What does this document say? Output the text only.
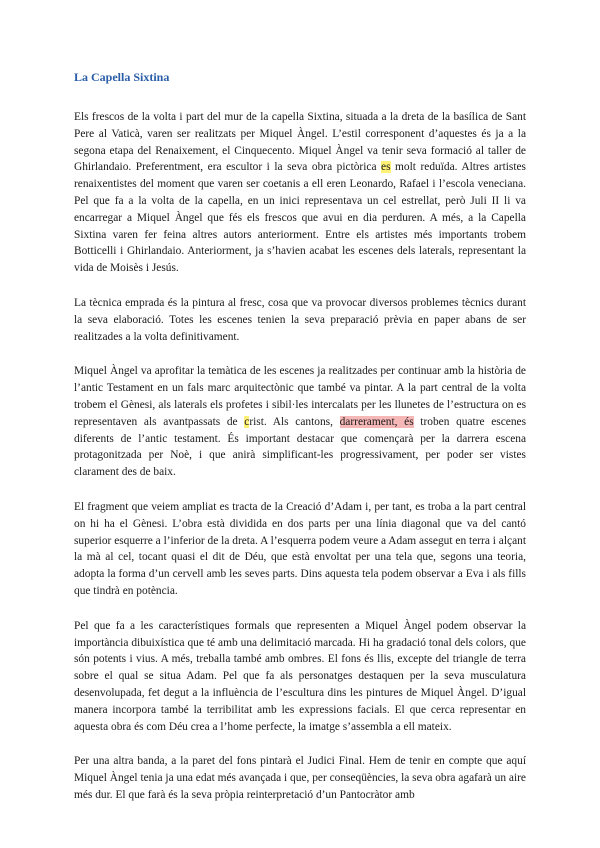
La Capella Sixtina

Els frescos de la volta i part del mur de la capella Sixtina, situada a la dreta de la basílica de Sant Pere al Vaticà, varen ser realitzats per Miquel Àngel. L’estil corresponent d’aquestes és ja a la segona etapa del Renaixement, el Cinquecento. Miquel Àngel va tenir seva formació al taller de Ghirlandaio. Preferentment, era escultor i la seva obra pictòrica es molt reduïda. Altres artistes renaixentistes del moment que varen ser coetanis a ell eren Leonardo, Rafael i l’escola veneciana. Pel que fa a la volta de la capella, en un inici representava un cel estrellat, però Juli II li va encarregar a Miquel Àngel que fés els frescos que avui en dia perduren. A més, a la Capella Sixtina varen fer feina altres autors anteriorment. Entre els artistes més importants trobem Botticelli i Ghirlandaio. Anteriorment, ja s’havien acabat les escenes dels laterals, representant la vida de Moisès i Jesús.

La tècnica emprada és la pintura al fresc, cosa que va provocar diversos problemes tècnics durant la seva elaboració. Totes les escenes tenien la seva preparació prèvia en paper abans de ser realitzades a la volta definitivament.

Miquel Àngel va aprofitar la temàtica de les escenes ja realitzades per continuar amb la història de l’antic Testament en un fals marc arquitectònic que també va pintar. A la part central de la volta trobem el Gènesi, als laterals els profetes i sibil·les intercalats per les llunetes de l’estructura on es representaven als avantpassats de crist. Als cantons, darrerament, és troben quatre escenes diferents de l’antic testament. És important destacar que començarà per la darrera escena protagonitzada per Noè, i que anirà simplificant-les progressivament, per poder ser vistes clarament des de baix.

El fragment que veiem ampliat es tracta de la Creació d’Adam i, per tant, es troba a la part central on hi ha el Gènesi. L’obra està dividida en dos parts per una línia diagonal que va del cantó superior esquerre a l’inferior de la dreta. A l’esquerra podem veure a Adam assegut en terra i alçant la mà al cel, tocant quasi el dit de Déu, que està envoltat per una tela que, segons una teoria, adopta la forma d’un cervell amb les seves parts. Dins aquesta tela podem observar a Eva i als fills que tindrà en potència.

Pel que fa a les característiques formals que representen a Miquel Àngel podem observar la importància dibuixística que té amb una delimitació marcada. Hi ha gradació tonal dels colors, que són potents i vius. A més, treballa també amb ombres. El fons és llis, excepte del triangle de terra sobre el qual se situa Adam. Pel que fa als personatges destaquen per la seva musculatura desenvolupada, fet degut a la influència de l’escultura dins les pintures de Miquel Àngel. D’igual manera incorpora també la terribilitat amb les expressions facials. El que cerca representar en aquesta obra és com Déu crea a l’home perfecte, la imatge s’assembla a ell mateix.

Per una altra banda, a la paret del fons pintarà el Judici Final. Hem de tenir en compte que aquí Miquel Àngel tenia ja una edat més avançada i que, per conseqüències, la seva obra agafarà un aire més dur. El que farà és la seva pròpia reinterpretació d’un Pantocràtor amb
